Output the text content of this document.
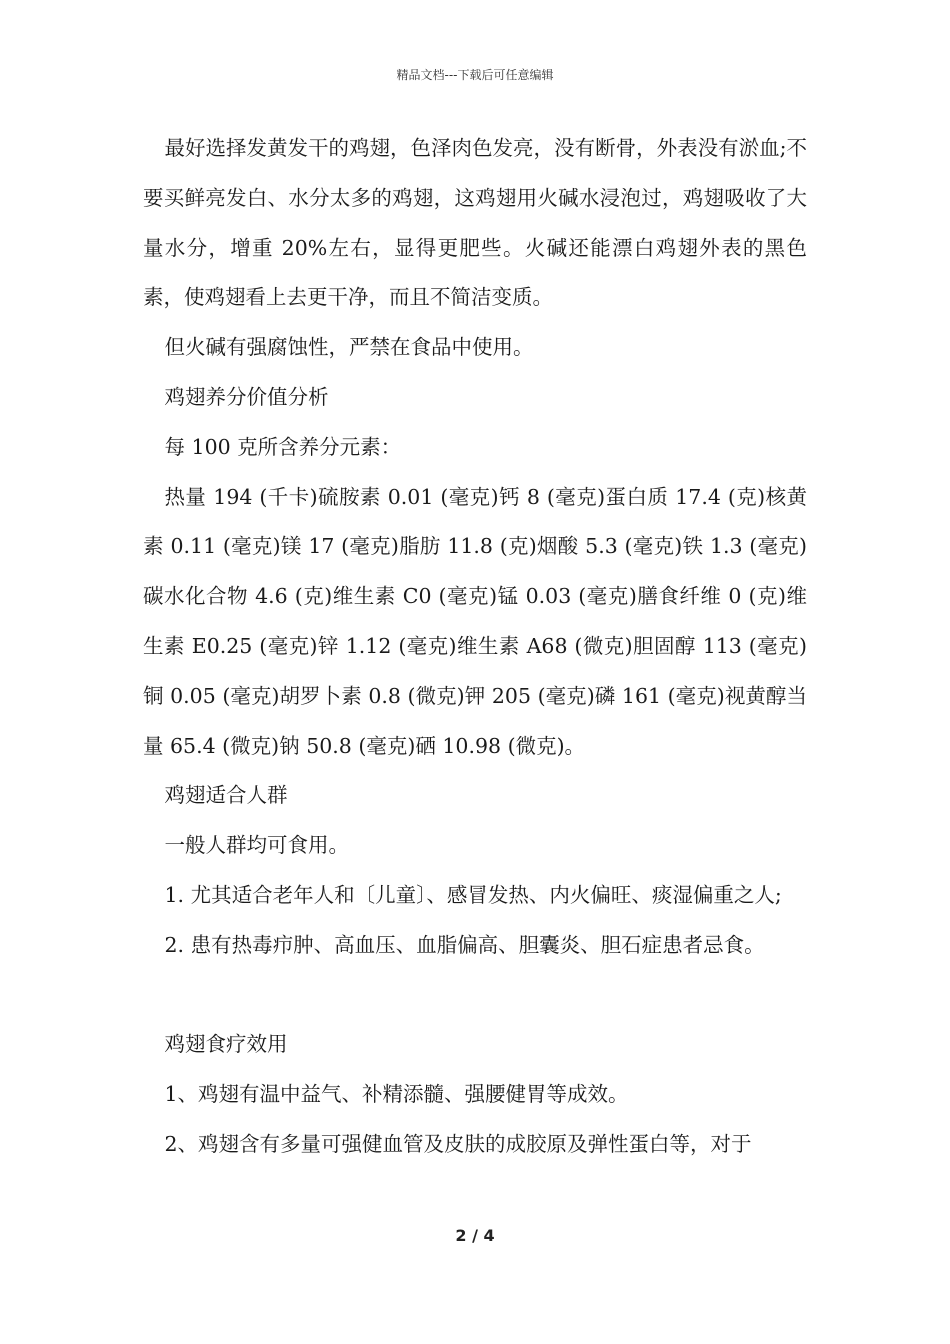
精品文档---下载后可任意编辑

最好选择发黄发干的鸡翅，色泽肉色发亮，没有断骨，外表没有淤血;不要买鲜亮发白、水分太多的鸡翅，这鸡翅用火碱水浸泡过，鸡翅吸收了大量水分，增重 20%左右，显得更肥些。火碱还能漂白鸡翅外表的黑色素，使鸡翅看上去更干净，而且不简洁变质。

但火碱有强腐蚀性，严禁在食品中使用。

鸡翅养分价值分析

每 100 克所含养分元素：

热量 194 (千卡)硫胺素 0.01 (毫克)钙 8 (毫克)蛋白质 17.4 (克)核黄素 0.11 (毫克)镁 17 (毫克)脂肪 11.8 (克)烟酸 5.3 (毫克)铁 1.3 (毫克)碳水化合物 4.6 (克)维生素 C0 (毫克)锰 0.03 (毫克)膳食纤维 0 (克)维生素 E0.25 (毫克)锌 1.12 (毫克)维生素 A68 (微克)胆固醇 113 (毫克)铜 0.05 (毫克)胡罗卜素 0.8 (微克)钾 205 (毫克)磷 161 (毫克)视黄醇当量 65.4 (微克)钠 50.8 (毫克)硒 10.98 (微克)。

鸡翅适合人群

一般人群均可食用。

1. 尤其适合老年人和〔儿童〕、感冒发热、内火偏旺、痰湿偏重之人;

2. 患有热毒疖肿、高血压、血脂偏高、胆囊炎、胆石症患者忌食。

鸡翅食疗效用

1、鸡翅有温中益气、补精添髓、强腰健胃等成效。

2、鸡翅含有多量可强健血管及皮肤的成胶原及弹性蛋白等，对于

2 / 4
